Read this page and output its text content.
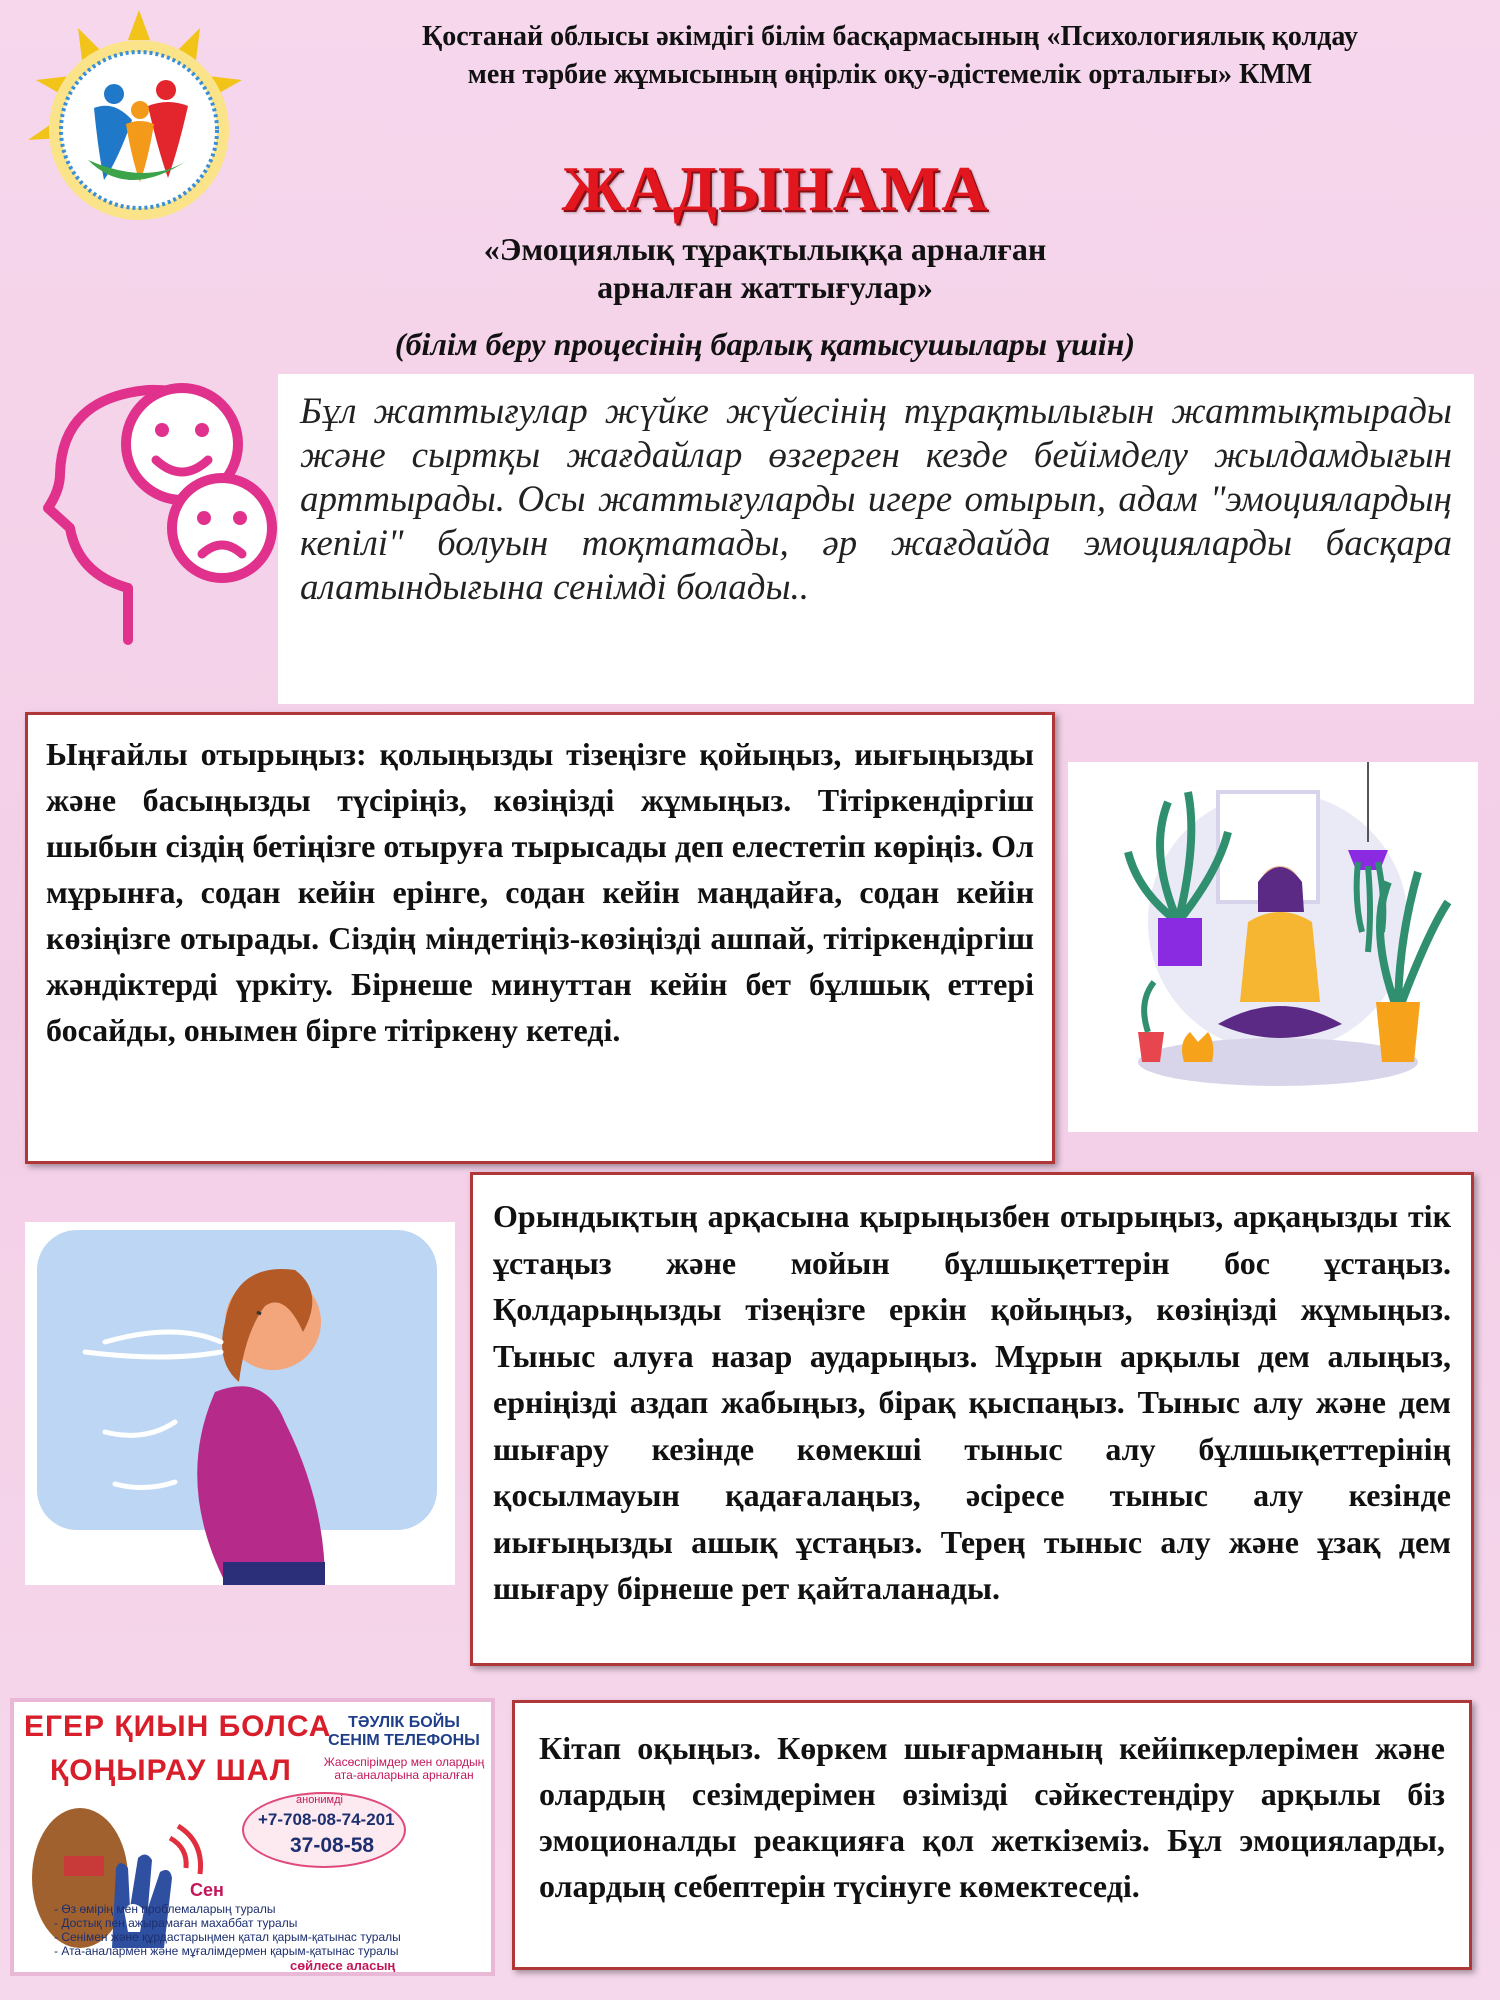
Қостанай облысы әкімдігі білім басқармасының «Психологиялық қолдау
мен тәрбие жұмысының өңірлік оқу-әдістемелік орталығы» КММ
ЖАДЫНАМА
«Эмоциялық тұрақтылыққа арналған
арналған жаттығулар»
(білім беру процесінің барлық қатысушылары үшін)
Бұл жаттығулар жүйке жүйесінің тұрақтылығын жаттықтырады және сыртқы жағдайлар өзгерген кезде бейімделу жылдамдығын арттырады. Осы жаттығуларды игере отырып, адам "эмоциялардың кепілі" болуын тоқтатады, әр жағдайда эмоцияларды басқара алатындығына сенімді болады..
Ыңғайлы отырыңыз: қолыңызды тізеңізге қойыңыз, иығыңызды және басыңызды түсіріңіз, көзіңізді жұмыңыз. Тітіркендіргіш шыбын сіздің бетіңізге отыруға тырысады деп елестетіп көріңіз. Ол мұрынға, содан кейін ерінге, содан кейін маңдайға, содан кейін көзіңізге отырады. Сіздің міндетіңіз-көзіңізді ашпай, тітіркендіргіш жәндіктерді үркіту. Бірнеше минуттан кейін бет бұлшық еттері босайды, онымен бірге тітіркену кетеді.
Орындықтың арқасына қырыңызбен отырыңыз, арқаңызды тік ұстаңыз және мойын бұлшықеттерін бос ұстаңыз. Қолдарыңызды тізеңізге еркін қойыңыз, көзіңізді жұмыңыз. Тыныс алуға назар аударыңыз. Мұрын арқылы дем алыңыз, ерніңізді аздап жабыңыз, бірақ қыспаңыз. Тыныс алу және дем шығару кезінде көмекші тыныс алу бұлшықеттерінің қосылмауын қадағалаңыз, әсіресе тыныс алу кезінде иығыңызды ашық ұстаңыз. Терең тыныс алу және ұзақ дем шығару бірнеше рет қайталанады.
ЕГЕР ҚИЫН БОЛСА
ҚОҢЫРАУ ШАЛ
ТӘУЛІК БОЙЫ
СЕНІМ ТЕЛЕФОНЫ
Жасөспірімдер мен олардың ата-аналарына арналған
анонимді
+7-708-08-74-201
37-08-58
Сен
- Өз өмірің мен проблемаларың туралы
- Достық пен ажырамаған махаббат туралы
- Сенімен және құрдастарыңмен қатал қарым-қатынас туралы
- Ата-аналармен және мұғалімдермен қарым-қатынас туралы
сөйлесе аласың
Кітап оқыңыз. Көркем шығарманың кейіпкерлерімен және олардың сезімдерімен өзімізді сәйкестендіру арқылы біз эмоционалды реакцияға қол жеткіземіз. Бұл эмоцияларды, олардың себептерін түсінуге көмектеседі.
